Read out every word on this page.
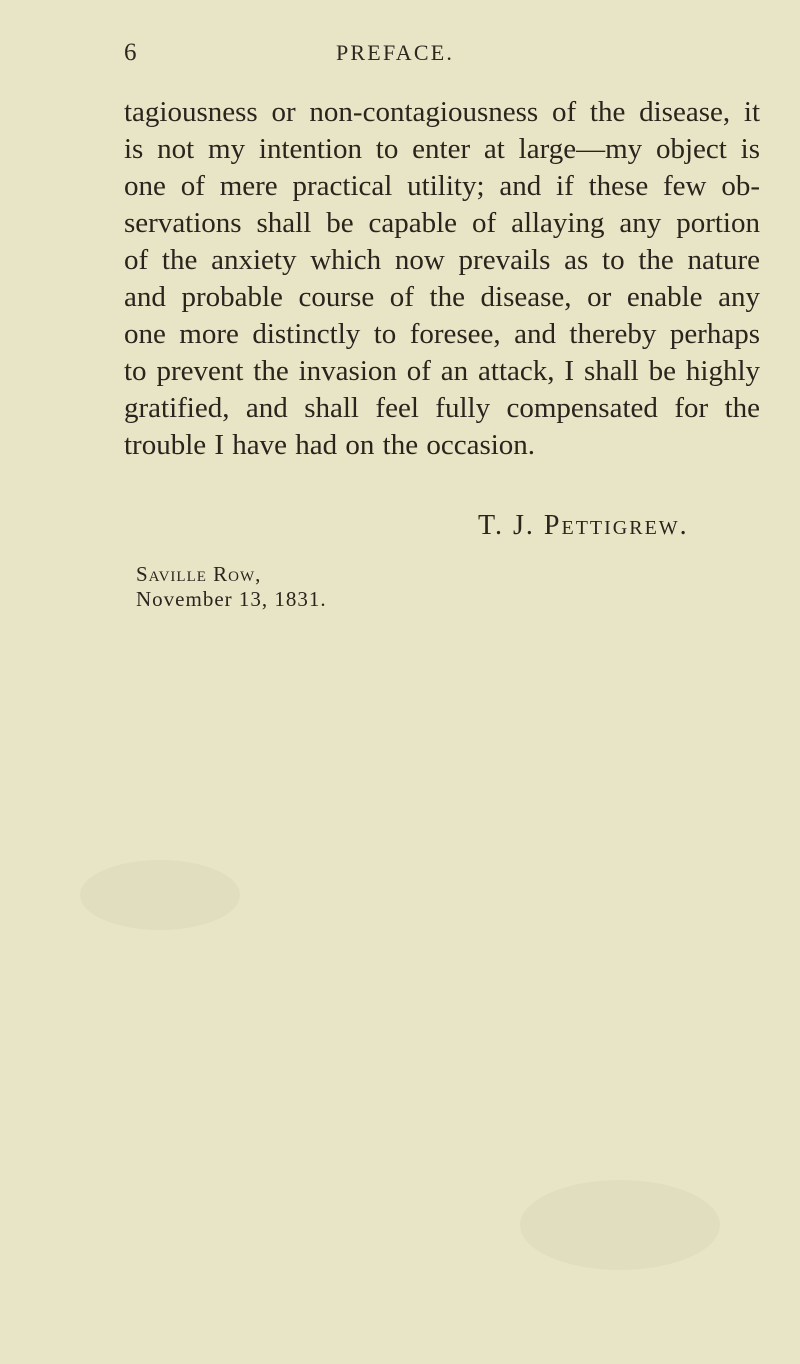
6	PREFACE.
tagiousness or non-contagiousness of the disease, it
is not my intention to enter at large—my object is
one of mere practical utility; and if these few ob-
servations shall be capable of allaying any portion
of the anxiety which now prevails as to the nature
and probable course of the disease, or enable any
one more distinctly to foresee, and thereby perhaps
to prevent the invasion of an attack, I shall be highly
gratified, and shall feel fully compensated for the
trouble I have had on the occasion.
T. J. Pettigrew.
Saville Row,
November 13, 1831.
